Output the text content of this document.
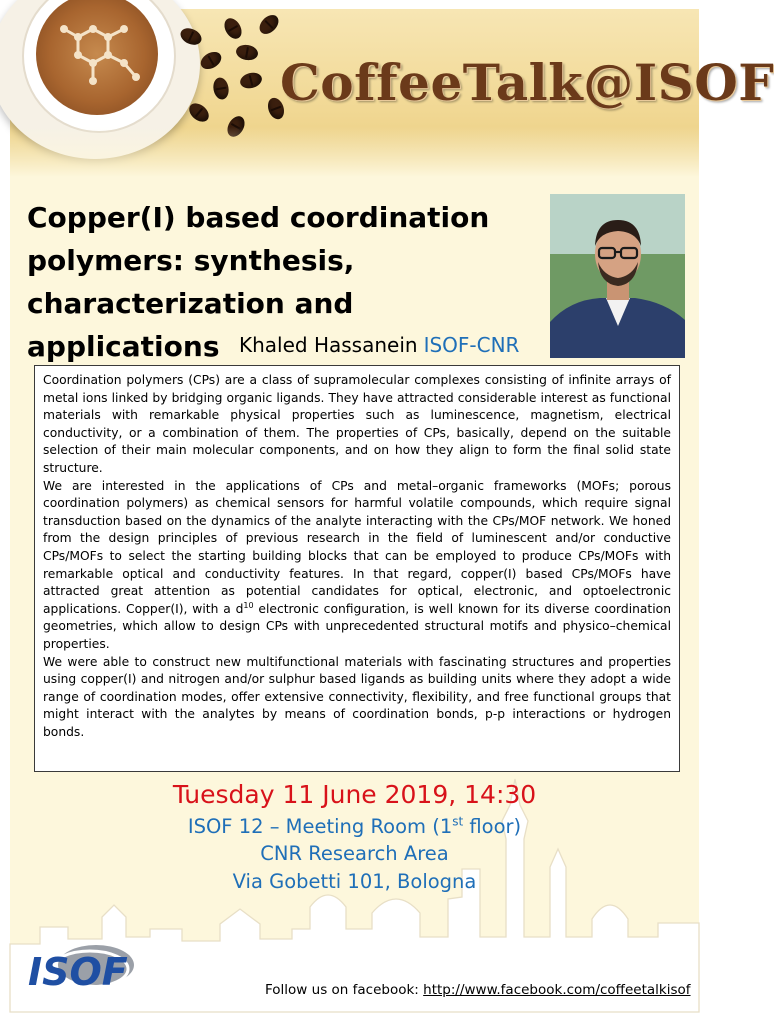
CoffeeTalk@ISOF
Copper(I) based coordination polymers: synthesis, characterization and applications Khaled Hassanein ISOF-CNR

Coordination polymers (CPs) are a class of supramolecular complexes consisting of infinite arrays of metal ions linked by bridging organic ligands. They have attracted considerable interest as functional materials with remarkable physical properties such as luminescence, magnetism, electrical conductivity, or a combination of them. The properties of CPs, basically, depend on the suitable selection of their main molecular components, and on how they align to form the final solid state structure.

We are interested in the applications of CPs and metal–organic frameworks (MOFs; porous coordination polymers) as chemical sensors for harmful volatile compounds, which require signal transduction based on the dynamics of the analyte interacting with the CPs/MOF network. We honed from the design principles of previous research in the field of luminescent and/or conductive CPs/MOFs to select the starting building blocks that can be employed to produce CPs/MOFs with remarkable optical and conductivity features. In that regard, copper(I) based CPs/MOFs have attracted great attention as potential candidates for optical, electronic, and optoelectronic applications. Copper(I), with a $d^{10}$ electronic configuration, is well known for its diverse coordination geometries, which allow to design CPs with unprecedented structural motifs and physico–chemical properties.

We were able to construct new multifunctional materials with fascinating structures and properties using copper(I) and nitrogen and/or sulphur based ligands as building units where they adopt a wide range of coordination modes, offer extensive connectivity, flexibility, and free functional groups that might interact with the analytes by means of coordination bonds, p-p interactions or hydrogen bonds.

Tuesday 11 June 2019, 14:30

ISOF 12 – Meeting Room (1st floor)

CNR Research Area

Via Gobetti 101, Bologna

ISOF	Follow us on facebook: http://www.facebook.com/coffeetalkisof
